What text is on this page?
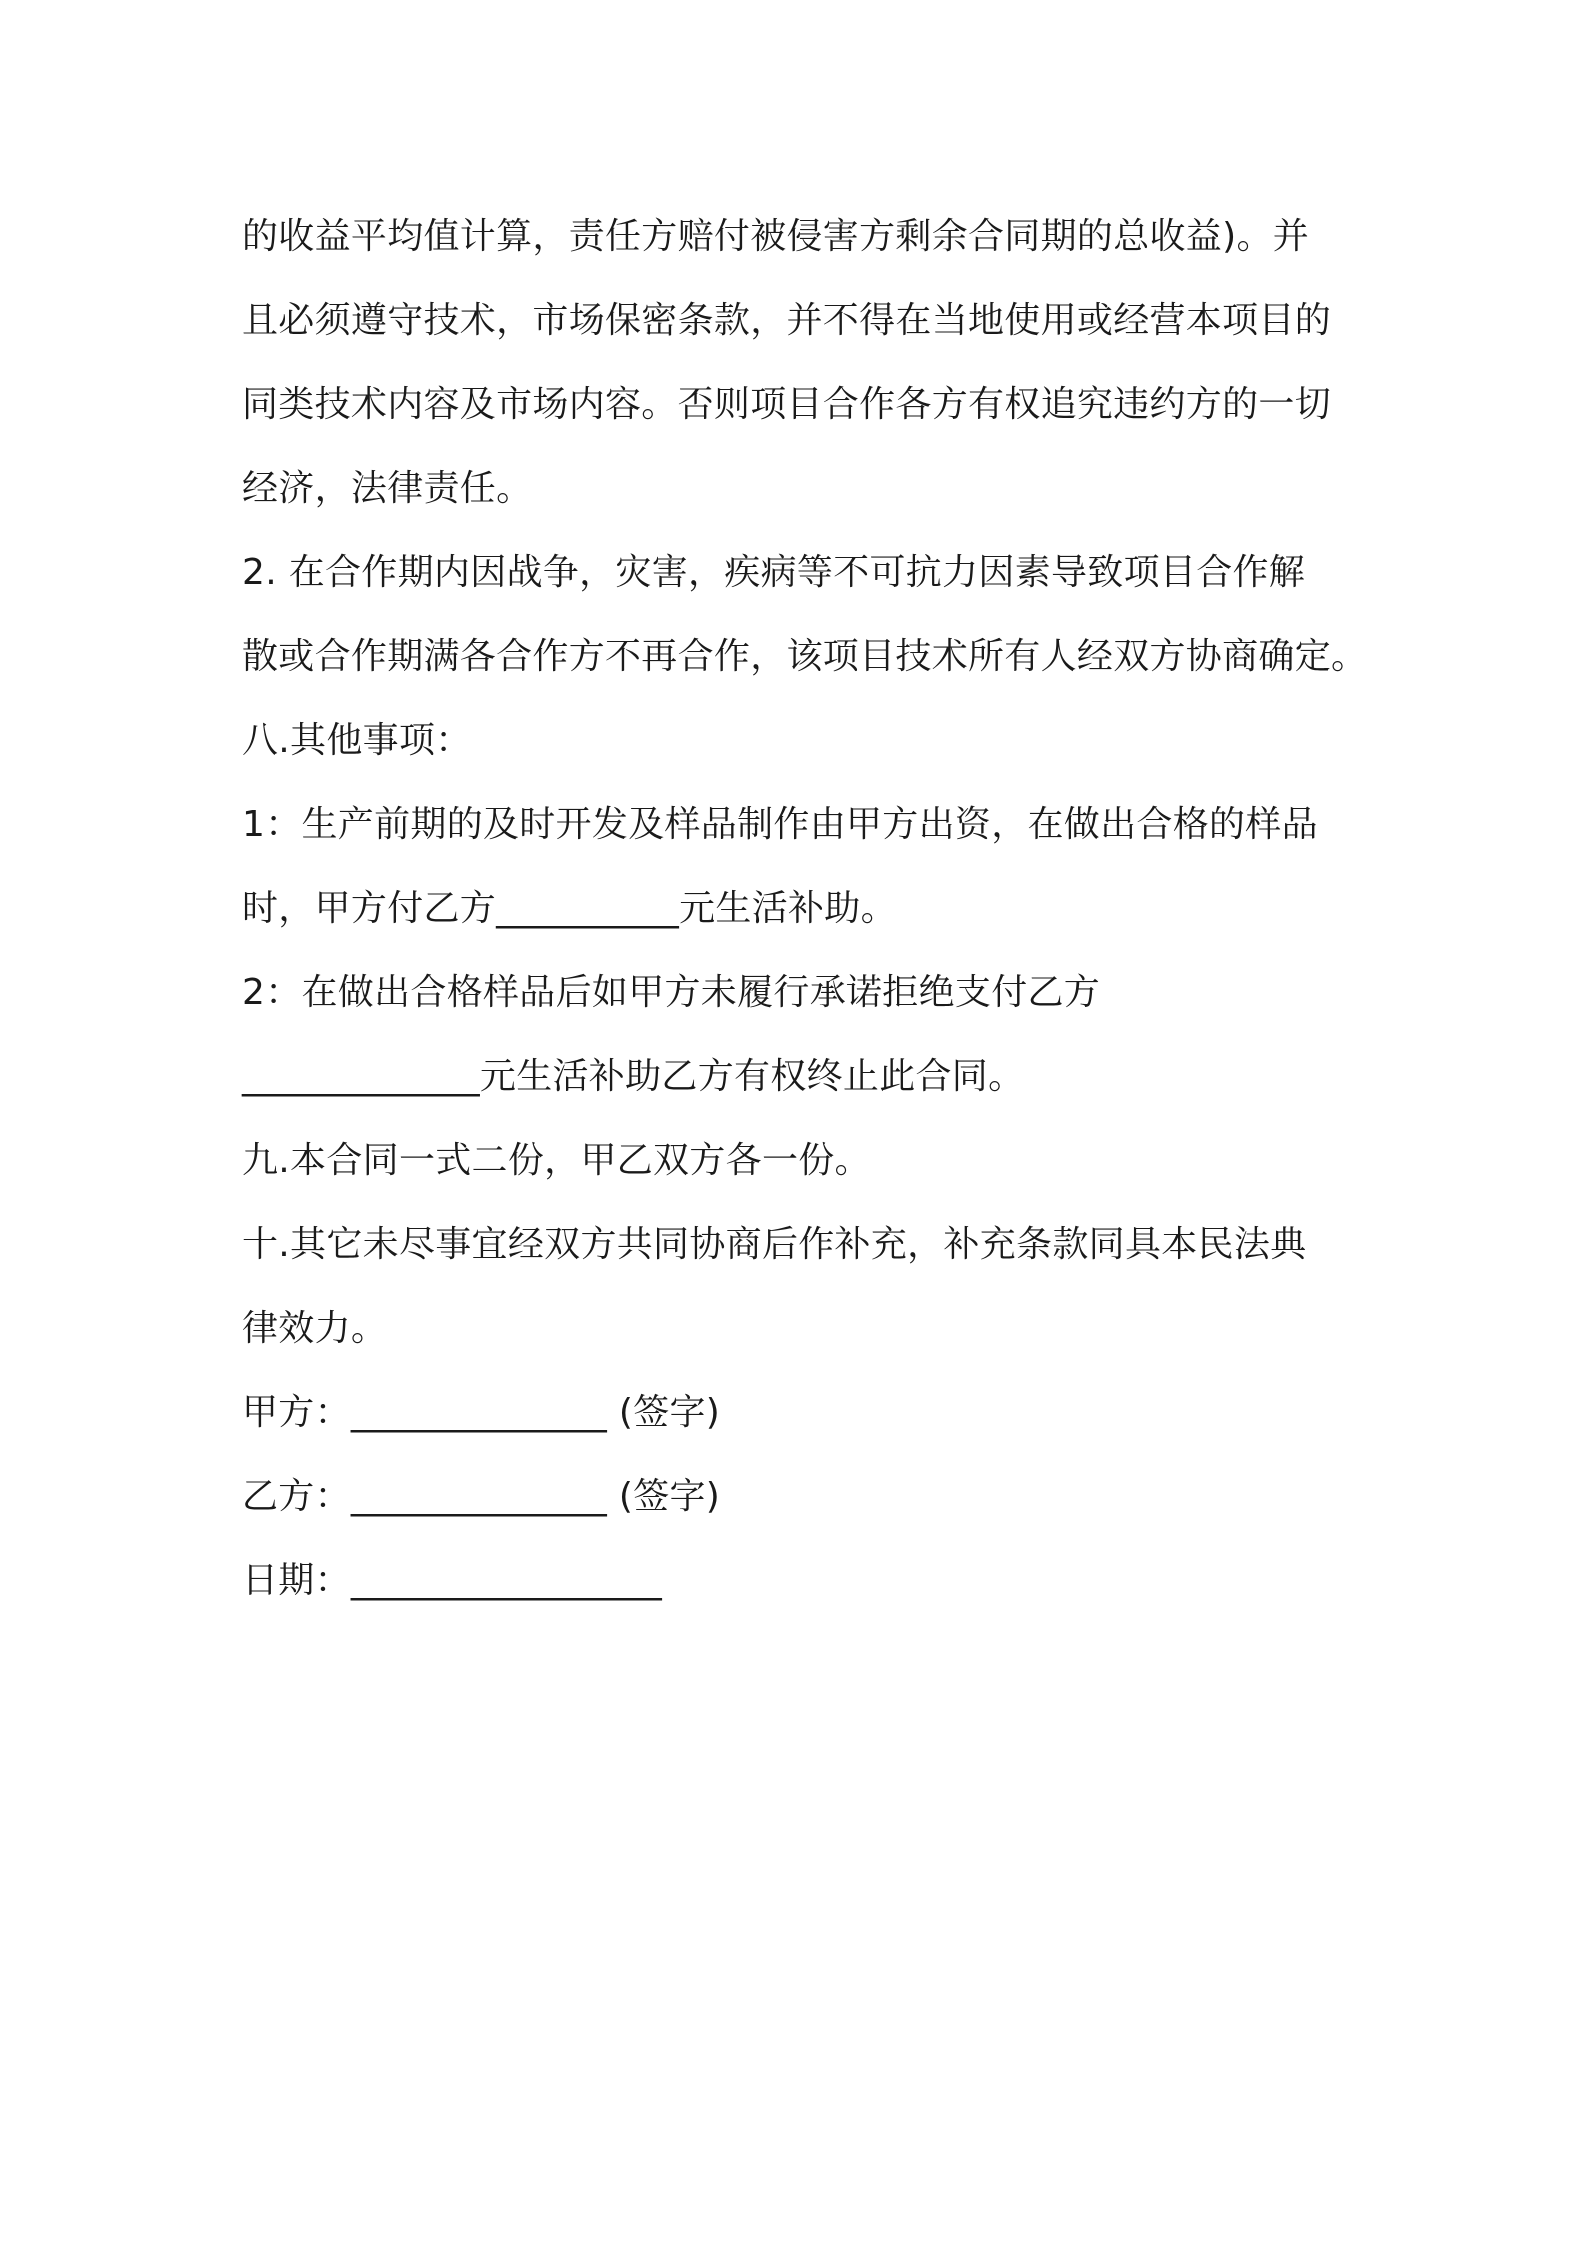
的收益平均值计算，责任方赔付被侵害方剩余合同期的总收益)。并
且必须遵守技术，市场保密条款，并不得在当地使用或经营本项目的
同类技术内容及市场内容。否则项目合作各方有权追究违约方的一切
经济，法律责任。
2. 在合作期内因战争，灾害，疾病等不可抗力因素导致项目合作解
散或合作期满各合作方不再合作，该项目技术所有人经双方协商确定。
八.其他事项：
1：生产前期的及时开发及样品制作由甲方出资，在做出合格的样品
时，甲方付乙方__________元生活补助。
2：在做出合格样品后如甲方未履行承诺拒绝支付乙方
_____________元生活补助乙方有权终止此合同。
九.本合同一式二份，甲乙双方各一份。
十.其它未尽事宜经双方共同协商后作补充，补充条款同具本民法典
律效力。
甲方：______________ (签字)
乙方：______________ (签字)
日期：_________________
